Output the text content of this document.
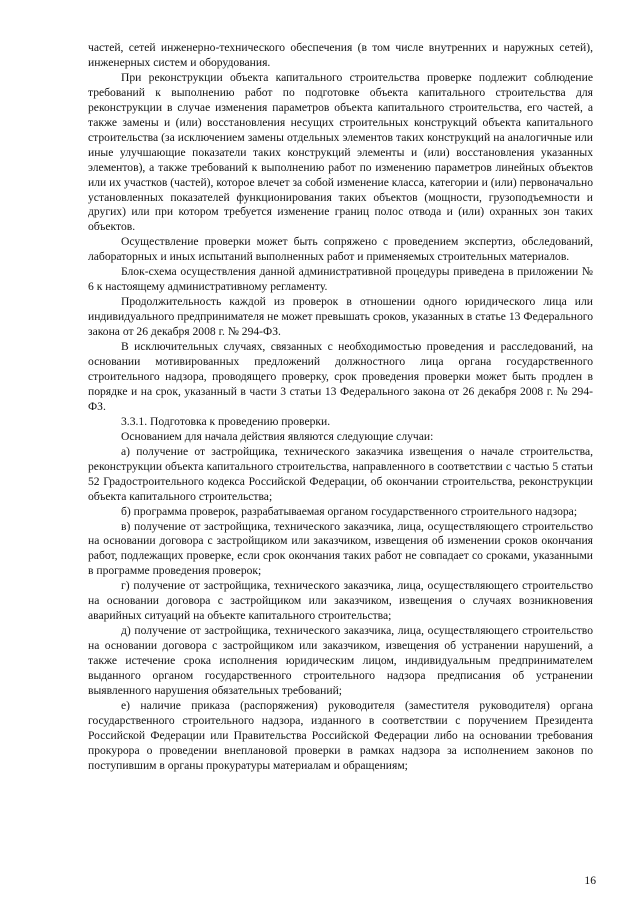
частей, сетей инженерно-технического обеспечения (в том числе внутренних и наружных сетей), инженерных систем и оборудования.

При реконструкции объекта капитального строительства проверке подлежит соблюдение требований к выполнению работ по подготовке объекта капитального строительства для реконструкции в случае изменения параметров объекта капитального строительства, его частей, а также замены и (или) восстановления несущих строительных конструкций объекта капитального строительства (за исключением замены отдельных элементов таких конструкций на аналогичные или иные улучшающие показатели таких конструкций элементы и (или) восстановления указанных элементов), а также требований к выполнению работ по изменению параметров линейных объектов или их участков (частей), которое влечет за собой изменение класса, категории и (или) первоначально установленных показателей функционирования таких объектов (мощности, грузоподъемности и других) или при котором требуется изменение границ полос отвода и (или) охранных зон таких объектов.

Осуществление проверки может быть сопряжено с проведением экспертиз, обследований, лабораторных и иных испытаний выполненных работ и применяемых строительных материалов.

Блок-схема осуществления данной административной процедуры приведена в приложении № 6 к настоящему административному регламенту.

Продолжительность каждой из проверок в отношении одного юридического лица или индивидуального предпринимателя не может превышать сроков, указанных в статье 13 Федерального закона от 26 декабря 2008 г. № 294-ФЗ.

В исключительных случаях, связанных с необходимостью проведения и расследований, на основании мотивированных предложений должностного лица органа государственного строительного надзора, проводящего проверку, срок проведения проверки может быть продлен в порядке и на срок, указанный в части 3 статьи 13 Федерального закона от 26 декабря 2008 г. № 294-ФЗ.

3.3.1. Подготовка к проведению проверки.

Основанием для начала действия являются следующие случаи:

а) получение от застройщика, технического заказчика извещения о начале строительства, реконструкции объекта капитального строительства, направленного в соответствии с частью 5 статьи 52 Градостроительного кодекса Российской Федерации, об окончании строительства, реконструкции объекта капитального строительства;

б) программа проверок, разрабатываемая органом государственного строительного надзора;

в) получение от застройщика, технического заказчика, лица, осуществляющего строительство на основании договора с застройщиком или заказчиком, извещения об изменении сроков окончания работ, подлежащих проверке, если срок окончания таких работ не совпадает со сроками, указанными в программе проведения проверок;

г) получение от застройщика, технического заказчика, лица, осуществляющего строительство на основании договора с застройщиком или заказчиком, извещения о случаях возникновения аварийных ситуаций на объекте капитального строительства;

д) получение от застройщика, технического заказчика, лица, осуществляющего строительство на основании договора с застройщиком или заказчиком, извещения об устранении нарушений, а также истечение срока исполнения юридическим лицом, индивидуальным предпринимателем выданного органом государственного строительного надзора предписания об устранении выявленного нарушения обязательных требований;

е) наличие приказа (распоряжения) руководителя (заместителя руководителя) органа государственного строительного надзора, изданного в соответствии с поручением Президента Российской Федерации или Правительства Российской Федерации либо на основании требования прокурора о проведении внеплановой проверки в рамках надзора за исполнением законов по поступившим в органы прокуратуры материалам и обращениям;

16
